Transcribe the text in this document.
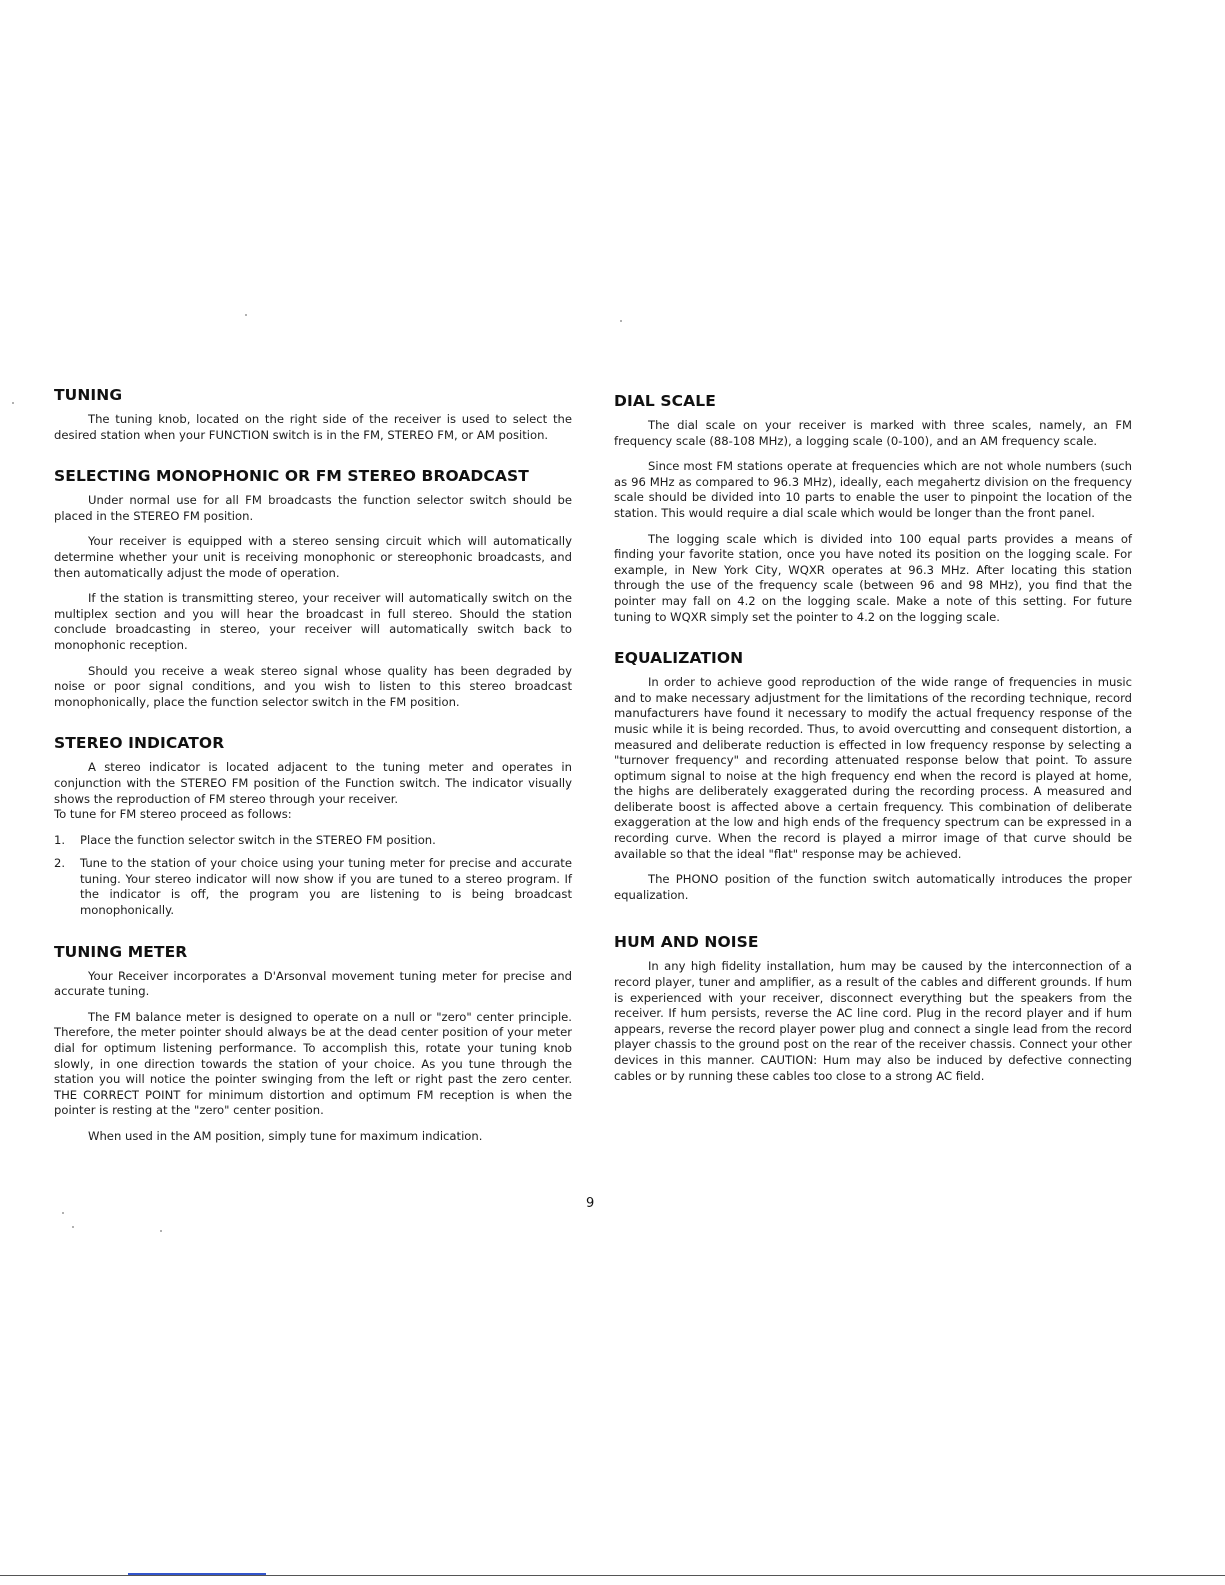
TUNING

The tuning knob, located on the right side of the receiver is used to select the desired station when your FUNCTION switch is in the FM, STEREO FM, or AM position.

SELECTING MONOPHONIC OR FM STEREO BROADCAST

Under normal use for all FM broadcasts the function selector switch should be placed in the STEREO FM position.

Your receiver is equipped with a stereo sensing circuit which will automatically determine whether your unit is receiving monophonic or stereophonic broadcasts, and then automatically adjust the mode of operation.

If the station is transmitting stereo, your receiver will automatically switch on the multiplex section and you will hear the broadcast in full stereo. Should the station conclude broadcasting in stereo, your receiver will automatically switch back to monophonic reception.

Should you receive a weak stereo signal whose quality has been degraded by noise or poor signal conditions, and you wish to listen to this stereo broadcast monophonically, place the function selector switch in the FM position.

STEREO INDICATOR

A stereo indicator is located adjacent to the tuning meter and operates in conjunction with the STEREO FM position of the Function switch. The indicator visually shows the reproduction of FM stereo through your receiver.

To tune for FM stereo proceed as follows:

1. Place the function selector switch in the STEREO FM position.
2. Tune to the station of your choice using your tuning meter for precise and accurate tuning. Your stereo indicator will now show if you are tuned to a stereo program. If the indicator is off, the program you are listening to is being broadcast monophonically.
TUNING METER

Your Receiver incorporates a D'Arsonval movement tuning meter for precise and accurate tuning.

The FM balance meter is designed to operate on a null or "zero" center principle. Therefore, the meter pointer should always be at the dead center position of your meter dial for optimum listening performance. To accomplish this, rotate your tuning knob slowly, in one direction towards the station of your choice. As you tune through the station you will notice the pointer swinging from the left or right past the zero center. THE CORRECT POINT for minimum distortion and optimum FM reception is when the pointer is resting at the "zero" center position.

When used in the AM position, simply tune for maximum indication.

DIAL SCALE

The dial scale on your receiver is marked with three scales, namely, an FM frequency scale (88-108 MHz), a logging scale (0-100), and an AM frequency scale.

Since most FM stations operate at frequencies which are not whole numbers (such as 96 MHz as compared to 96.3 MHz), ideally, each megahertz division on the frequency scale should be divided into 10 parts to enable the user to pinpoint the location of the station. This would require a dial scale which would be longer than the front panel.

The logging scale which is divided into 100 equal parts provides a means of finding your favorite station, once you have noted its position on the logging scale. For example, in New York City, WQXR operates at 96.3 MHz. After locating this station through the use of the frequency scale (between 96 and 98 MHz), you find that the pointer may fall on 4.2 on the logging scale. Make a note of this setting. For future tuning to WQXR simply set the pointer to 4.2 on the logging scale.

EQUALIZATION

In order to achieve good reproduction of the wide range of frequencies in music and to make necessary adjustment for the limitations of the recording technique, record manufacturers have found it necessary to modify the actual frequency response of the music while it is being recorded. Thus, to avoid overcutting and consequent distortion, a measured and deliberate reduction is effected in low frequency response by selecting a "turnover frequency" and recording attenuated response below that point. To assure optimum signal to noise at the high frequency end when the record is played at home, the highs are deliberately exaggerated during the recording process. A measured and deliberate boost is affected above a certain frequency. This combination of deliberate exaggeration at the low and high ends of the frequency spectrum can be expressed in a recording curve. When the record is played a mirror image of that curve should be available so that the ideal "flat" response may be achieved.

The PHONO position of the function switch automatically introduces the proper equalization.

HUM AND NOISE

In any high fidelity installation, hum may be caused by the interconnection of a record player, tuner and amplifier, as a result of the cables and different grounds. If hum is experienced with your receiver, disconnect everything but the speakers from the receiver. If hum persists, reverse the AC line cord. Plug in the record player and if hum appears, reverse the record player power plug and connect a single lead from the record player chassis to the ground post on the rear of the receiver chassis. Connect your other devices in this manner. CAUTION: Hum may also be induced by defective connecting cables or by running these cables too close to a strong AC field.

9
